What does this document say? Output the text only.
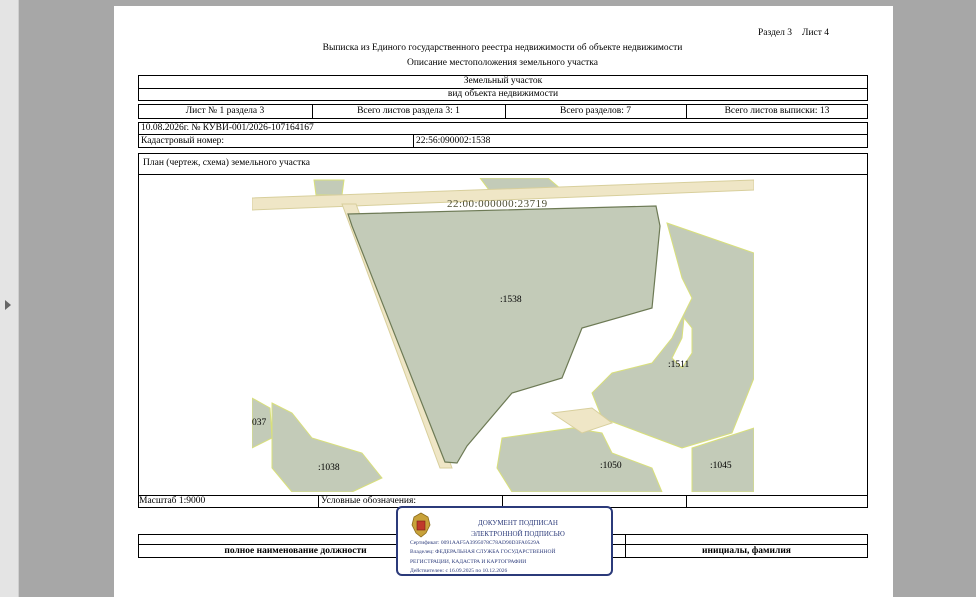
Раздел 3 Лист 4
Выписка из Единого государственного реестра недвижимости об объекте недвижимости
Описание местоположения земельного участка
Земельный участок
вид объекта недвижимости
Лист № 1 раздела 3	Всего листов раздела 3: 1	Всего разделов: 7	Всего листов выписки: 13
10.08.2026г. № КУВИ-001/2026-107164167
Кадастровый номер:	22:56:090002:1538
План (чертеж, схема) земельного участка
22:00:000000:23719
:1538
:1511
:1038	:1050	:1045
037
Масштаб 1:9000	Условные обозначения:
полное наименование должности	инициалы, фамилия
ДОКУМЕНТ ПОДПИСАН
ЭЛЕКТРОННОЙ ПОДПИСЬЮ
Сертификат: 0091AAF5A3995078C78AD90D3FA0529A
Владелец: ФЕДЕРАЛЬНАЯ СЛУЖБА ГОСУДАРСТВЕННОЙ
РЕГИСТРАЦИИ, КАДАСТРА И КАРТОГРАФИИ
Действителен: с 16.09.2025 по 10.12.2026
